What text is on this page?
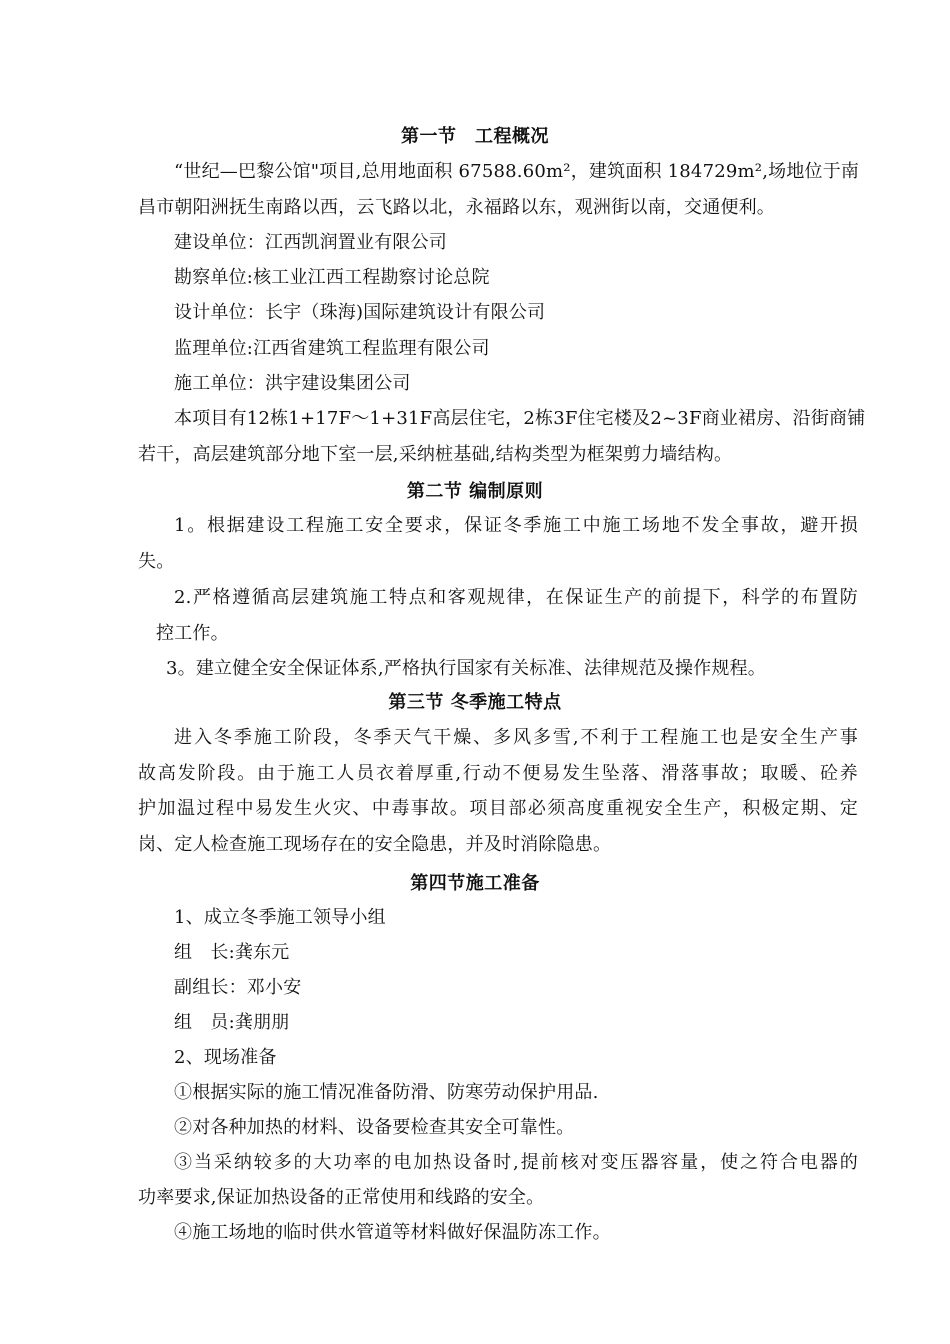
第一节　工程概况
“世纪—巴黎公馆"项目,总用地面积 67588.60m²，建筑面积 184729m²,场地位于南
昌市朝阳洲抚生南路以西，云飞路以北，永福路以东，观洲街以南，交通便利。
建设单位：江西凯润置业有限公司
勘察单位:核工业江西工程勘察讨论总院
设计单位：长宇（珠海)国际建筑设计有限公司
监理单位:江西省建筑工程监理有限公司
施工单位：洪宇建设集团公司
本项目有12栋1+17F～1+31F高层住宅，2栋3F住宅楼及2~3F商业裙房、沿街商铺
若干，高层建筑部分地下室一层,采纳桩基础,结构类型为框架剪力墙结构。
第二节 编制原则
1。根据建设工程施工安全要求，保证冬季施工中施工场地不发全事故，避开损
失。
2.严格遵循高层建筑施工特点和客观规律，在保证生产的前提下，科学的布置防
控工作。
3。建立健全安全保证体系,严格执行国家有关标准、法律规范及操作规程。
第三节 冬季施工特点
进入冬季施工阶段，冬季天气干燥、多风多雪,不利于工程施工也是安全生产事
故高发阶段。由于施工人员衣着厚重,行动不便易发生坠落、滑落事故；取暖、砼养
护加温过程中易发生火灾、中毒事故。项目部必须高度重视安全生产，积极定期、定
岗、定人检查施工现场存在的安全隐患，并及时消除隐患。
第四节施工准备
1、成立冬季施工领导小组
组　长:龚东元
副组长：邓小安
组　员:龚朋朋
2、现场准备
①根据实际的施工情况准备防滑、防寒劳动保护用品.
②对各种加热的材料、设备要检查其安全可靠性。
③当采纳较多的大功率的电加热设备时,提前核对变压器容量，使之符合电器的
功率要求,保证加热设备的正常使用和线路的安全。
④施工场地的临时供水管道等材料做好保温防冻工作。
